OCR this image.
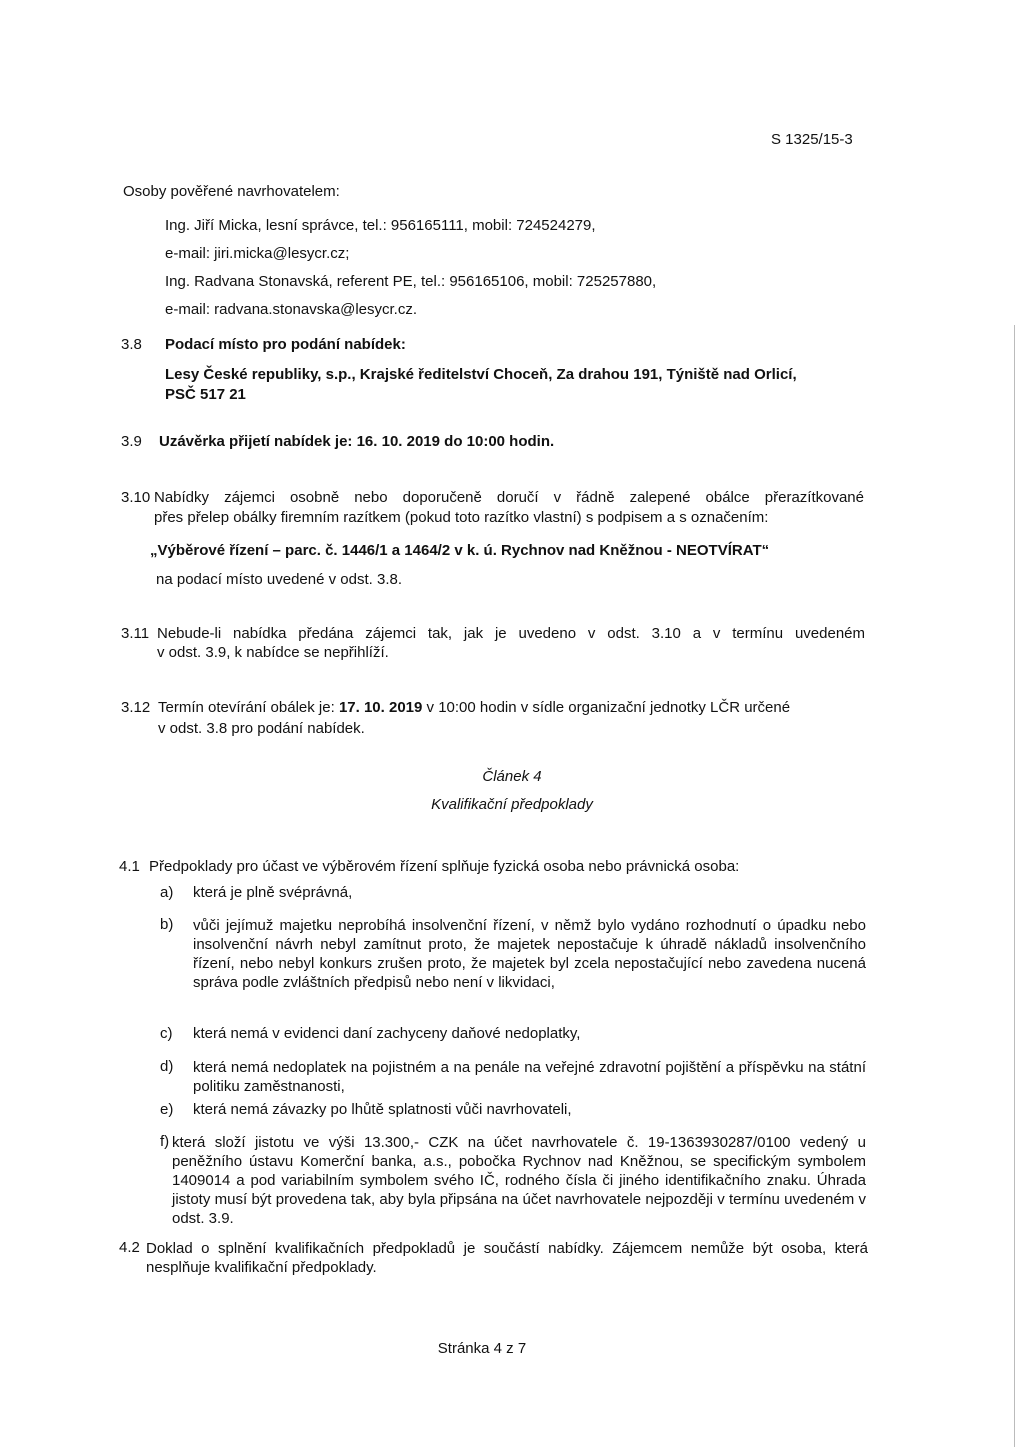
S 1325/15-3
Osoby pověřené navrhovatelem:
Ing. Jiří Micka, lesní správce, tel.: 956165111, mobil: 724524279,
e-mail: jiri.micka@lesycr.cz;
Ing. Radvana Stonavská, referent PE, tel.: 956165106, mobil: 725257880,
e-mail: radvana.stonavska@lesycr.cz.
3.8 Podací místo pro podání nabídek:
Lesy České republiky, s.p., Krajské ředitelství Choceň, Za drahou 191, Týniště nad Orlicí,
PSČ 517 21
3.9 Uzávěrka přijetí nabídek je: 16. 10. 2019 do 10:00 hodin.
3.10 Nabídky zájemci osobně nebo doporučeně doručí v řádně zalepené obálce přerazítkované
přes přelep obálky firemním razítkem (pokud toto razítko vlastní) s podpisem a s označením:
„Výběrové řízení – parc. č. 1446/1 a 1464/2 v k. ú. Rychnov nad Kněžnou - NEOTVÍRAT“
na podací místo uvedené v odst. 3.8.
3.11 Nebude-li nabídka předána zájemci tak, jak je uvedeno v odst. 3.10 a v termínu uvedeném
v odst. 3.9, k nabídce se nepřihlíží.
3.12 Termín otevírání obálek je: 17. 10. 2019 v 10:00 hodin v sídle organizační jednotky LČR určené
v odst. 3.8 pro podání nabídek.
Článek 4
Kvalifikační předpoklady
4.1 Předpoklady pro účast ve výběrovém řízení splňuje fyzická osoba nebo právnická osoba:
a) která je plně svéprávná,
b) vůči jejímuž majetku neprobíhá insolvenční řízení, v němž bylo vydáno rozhodnutí o úpadku nebo insolvenční návrh nebyl zamítnut proto, že majetek nepostačuje k úhradě nákladů insolvenčního řízení, nebo nebyl konkurs zrušen proto, že majetek byl zcela nepostačující nebo zavedena nucená správa podle zvláštních předpisů nebo není v likvidaci,
c) která nemá v evidenci daní zachyceny daňové nedoplatky,
d) která nemá nedoplatek na pojistném a na penále na veřejné zdravotní pojištění a příspěvku na státní politiku zaměstnanosti,
e) která nemá závazky po lhůtě splatnosti vůči navrhovateli,
f) která složí jistotu ve výši 13.300,- CZK na účet navrhovatele č. 19-1363930287/0100 vedený u peněžního ústavu Komerční banka, a.s., pobočka Rychnov nad Kněžnou, se specifickým symbolem 1409014 a pod variabilním symbolem svého IČ, rodného čísla či jiného identifikačního znaku. Úhrada jistoty musí být provedena tak, aby byla připsána na účet navrhovatele nejpozději v termínu uvedeném v odst. 3.9.
4.2 Doklad o splnění kvalifikačních předpokladů je součástí nabídky. Zájemcem nemůže být osoba, která nesplňuje kvalifikační předpoklady.
Stránka 4 z 7
